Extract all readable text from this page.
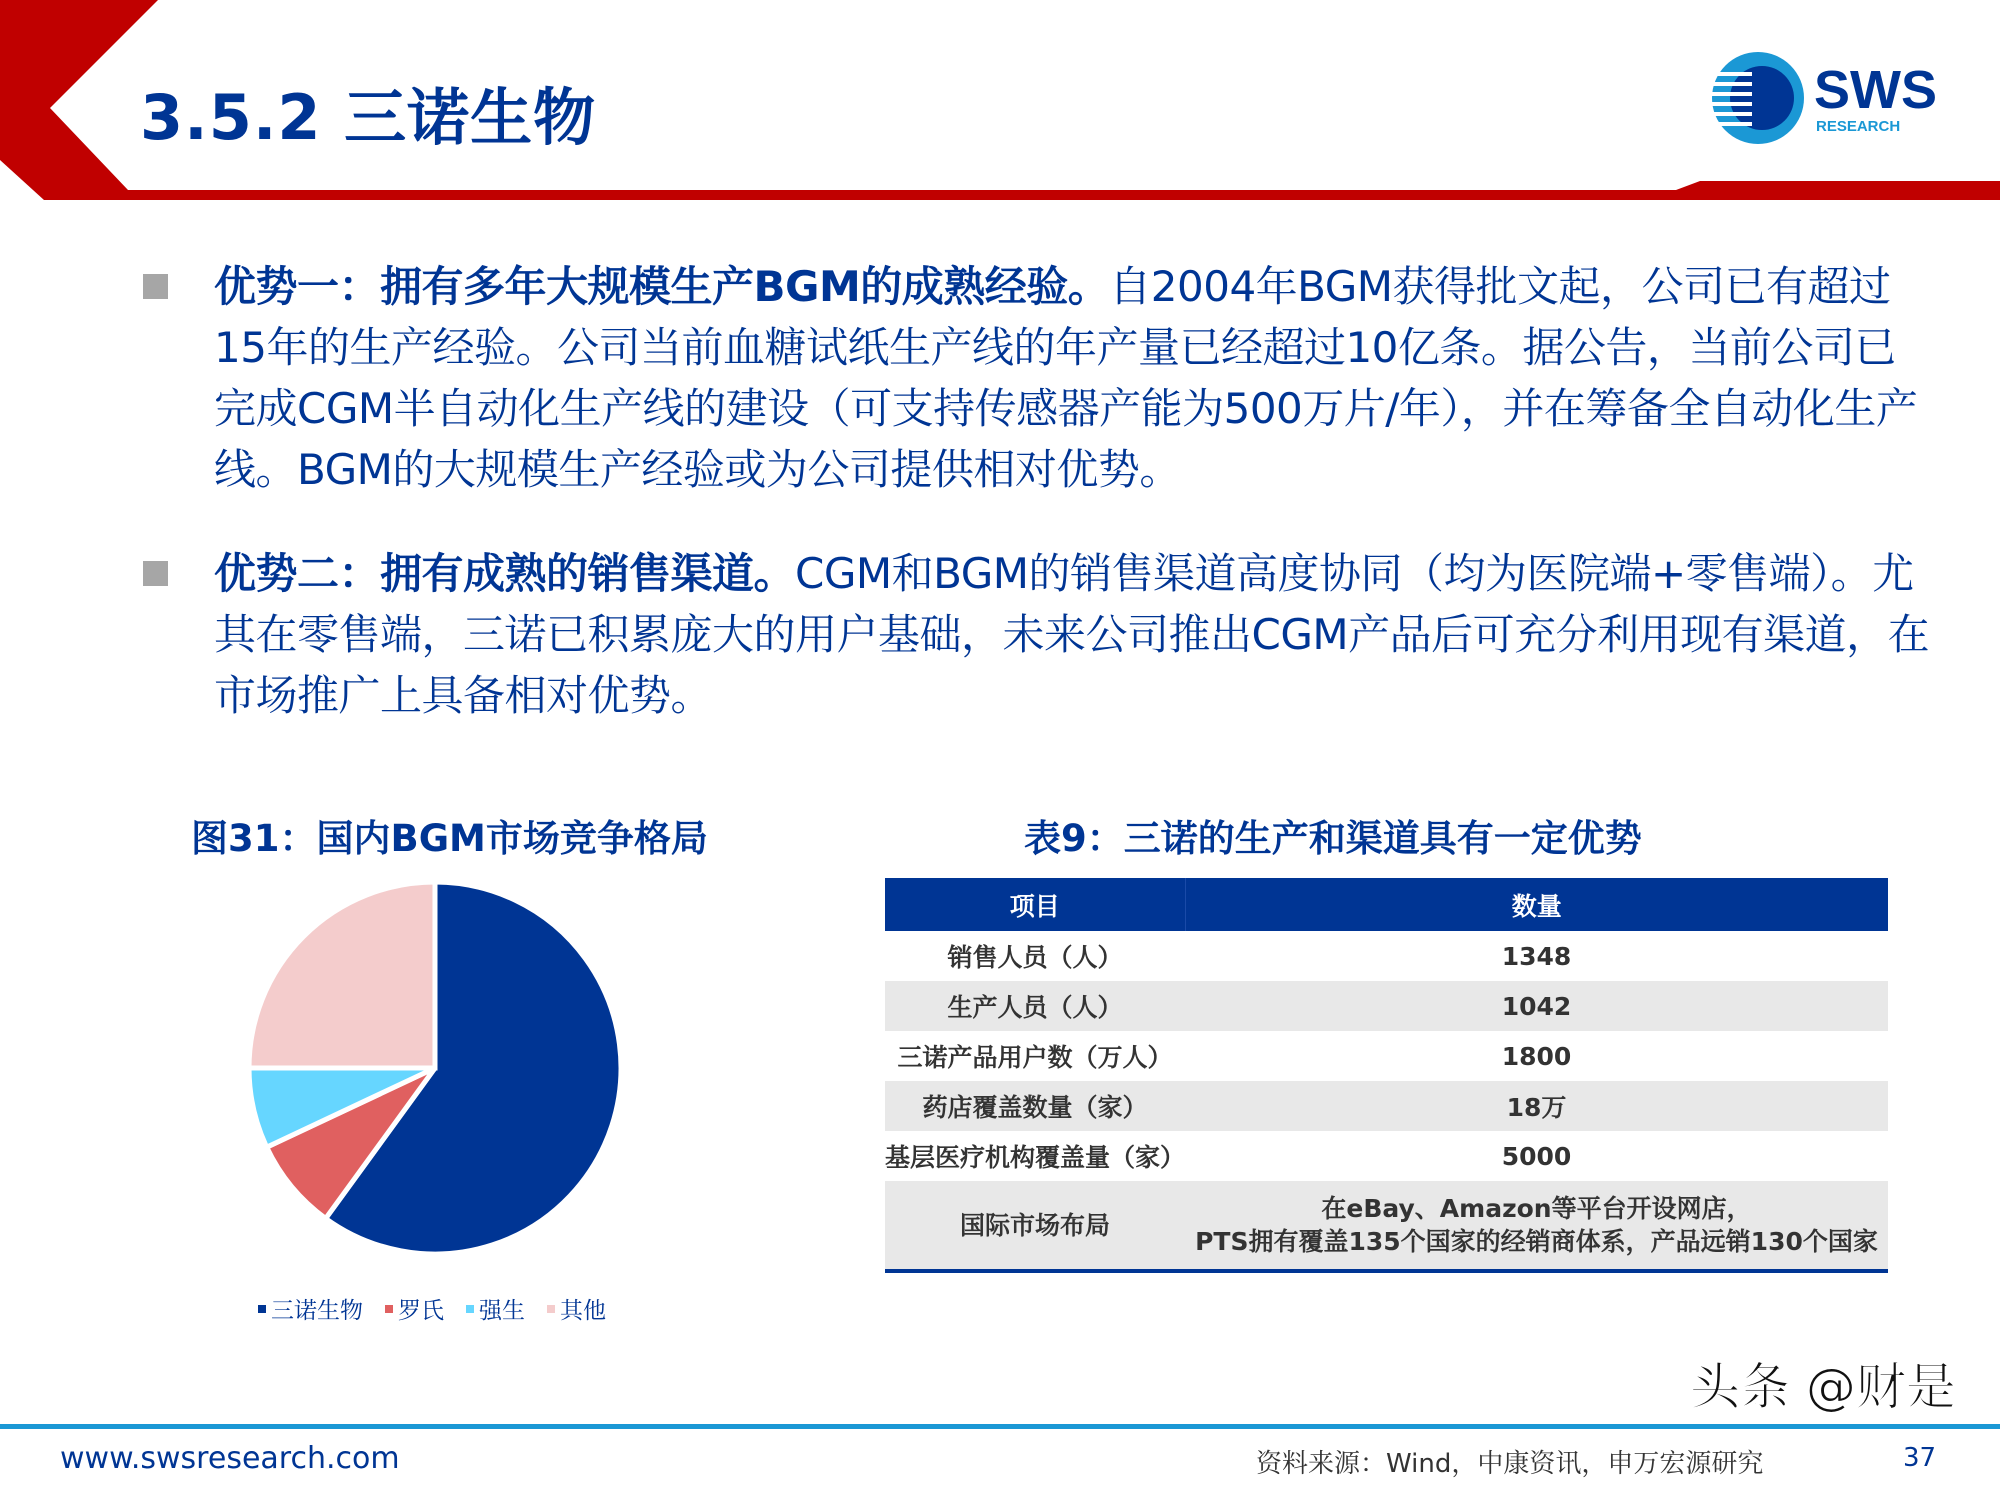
3.5.2 三诺生物	SWS
RESEARCH
优势一：拥有多年大规模生产BGM的成熟经验。自2004年BGM获得批文起，公司已有超过15年的生产经验。公司当前血糖试纸生产线的年产量已经超过10亿条。据公告，当前公司已完成CGM半自动化生产线的建设（可支持传感器产能为500万片/年），并在筹备全自动化生产线。BGM的大规模生产经验或为公司提供相对优势。
优势二：拥有成熟的销售渠道。CGM和BGM的销售渠道高度协同（均为医院端+零售端）。尤其在零售端，三诺已积累庞大的用户基础，未来公司推出CGM产品后可充分利用现有渠道，在市场推广上具备相对优势。
图31：国内BGM市场竞争格局
三诺生物 罗氏 强生 其他
表9：三诺的生产和渠道具有一定优势
项目	数量
销售人员（人）	1348
生产人员（人）	1042
三诺产品用户数（万人）	1800
药店覆盖数量（家）	18万
基层医疗机构覆盖量（家）	5000
国际市场布局	在eBay、Amazon等平台开设网店，
PTS拥有覆盖135个国家的经销商体系，产品远销130个国家
www.swsresearch.com	资料来源：Wind，中康资讯，申万宏源研究	37
头条 @财是
